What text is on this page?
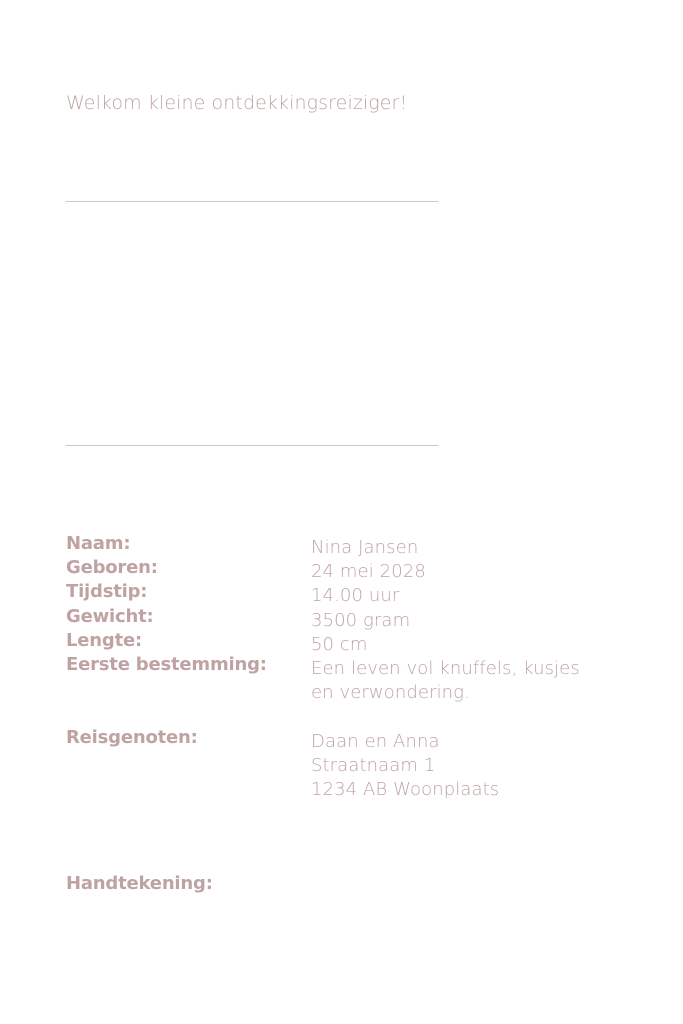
Welkom kleine ontdekkingsreiziger!
Naam:
Geboren:
Tijdstip:
Gewicht:
Lengte:
Eerste bestemming:
Nina Jansen
24 mei 2028
14.00 uur
3500 gram
50 cm
Een leven vol knuffels, kusjes
en verwondering.
Reisgenoten:	Daan en Anna
Straatnaam 1
1234 AB Woonplaats
Handtekening:
